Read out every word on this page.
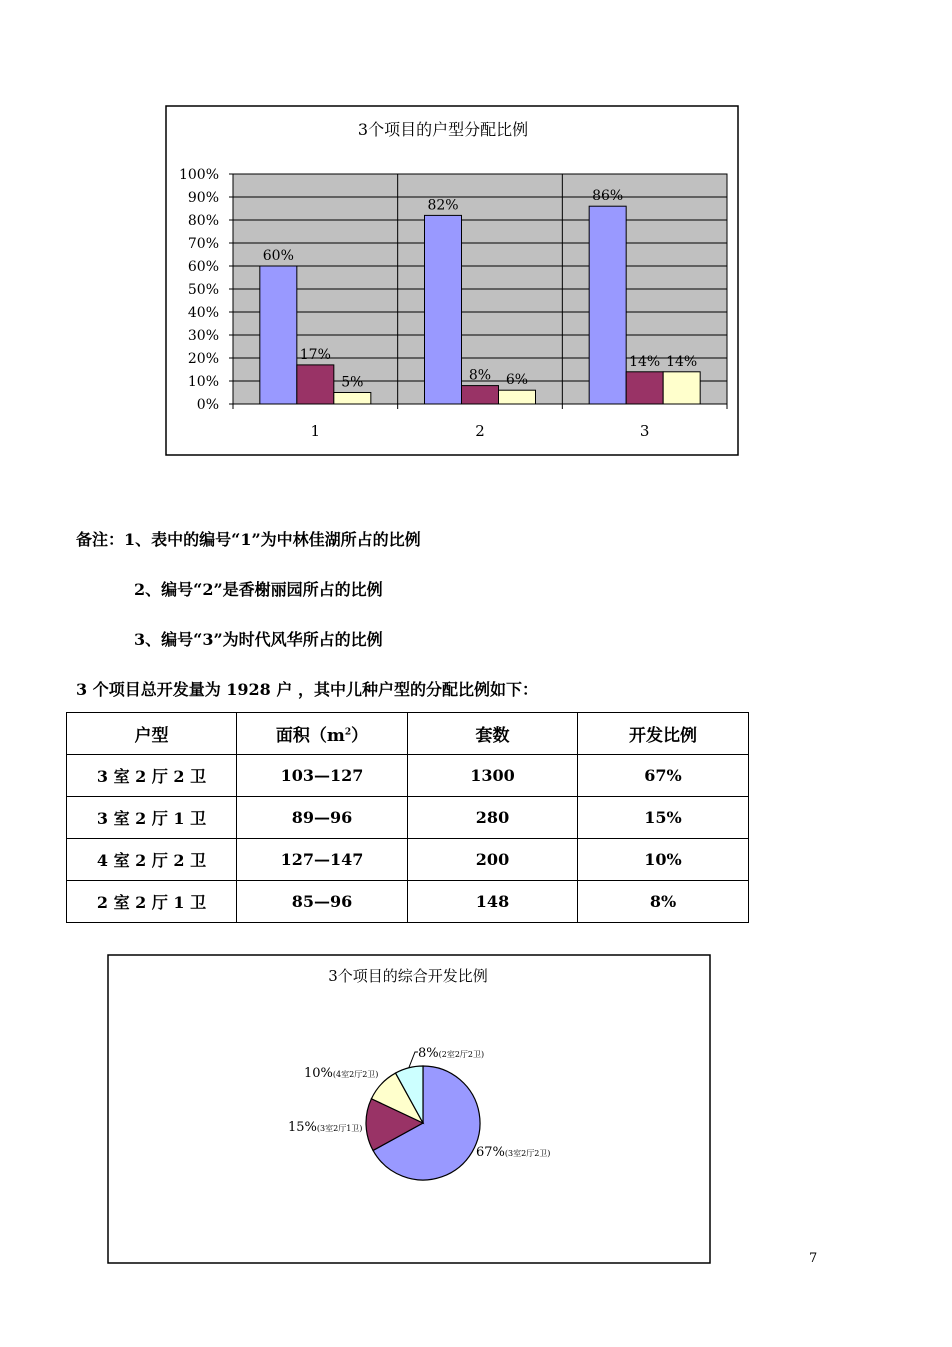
3个项目的户型分配比例
0%
10%
20%
30%
40%
50%
60%
70%
80%
90%
100%
60%
17%
5%
82%
8% 6%
86%
14% 14%
1	2	3
备注：1、表中的编号“1”为中林佳湖所占的比例
2、编号“2”是香榭丽园所占的比例
3、编号“3”为时代风华所占的比例
3 个项目总开发量为 1928 户 ，其中儿种户型的分配比例如下：
户型	面积$(m^2)$	套数	开发比例
3 室 2 厅 2 卫	103—127	1300	67%
3 室 2 厅 1 卫	89—96	280	15%
4 室 2 厅 2 卫	127—147	200	10%
2 室 2 厅 1 卫	85—96	148	8%
3个项目的综合开发比例
67%(3室2厅2卫)
15%(3室2厅1卫)
10%(4室2厅2卫)
8%(2室2厅2卫)
7
